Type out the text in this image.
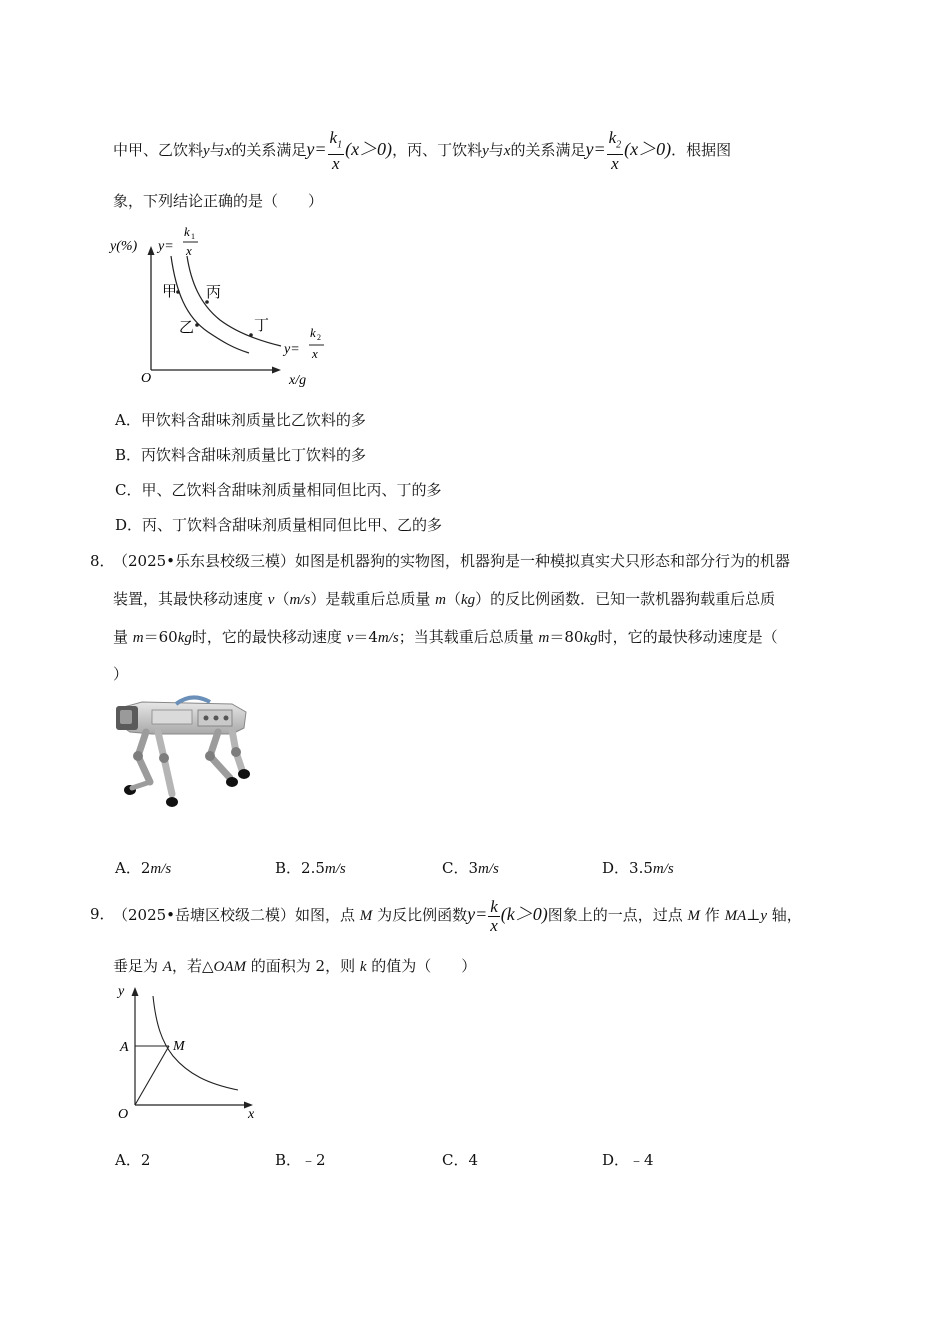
中甲、乙饮料y与x的关系满足$y= \frac{k_1}{x} (x>0)$，丙、丁饮料y与x的关系满足$y= \frac{k_2}{x} (x>0)$．根据图
象，下列结论正确的是（　　）
y(%)
x/g
O
甲
乙
丙
丁
y=
k 1
x
y=
k 2
x
A．甲饮料含甜味剂质量比乙饮料的多
B．丙饮料含甜味剂质量比丁饮料的多
C．甲、乙饮料含甜味剂质量相同但比丙、丁的多
D．丙、丁饮料含甜味剂质量相同但比甲、乙的多
8．
（2025•乐东县校级三模）如图是机器狗的实物图，机器狗是一种模拟真实犬只形态和部分行为的机器
装置，其最快移动速度 v（m/s）是载重后总质量 m（kg）的反比例函数．已知一款机器狗载重后总质
量 m＝60kg时，它的最快移动速度 v＝4m/s；当其载重后总质量 m＝80kg时，它的最快移动速度是（
）
A．2m/s	B．2.5m/s	C．3m/s	D．3.5m/s
9．
（2025•岳塘区校级二模）如图，点 M 为反比例函数$y= \frac{k}{x} (k>0)$图象上的一点，过点 M 作 MA⊥y 轴，
垂足为 A，若△OAM 的面积为 2，则 k 的值为（　　）
y
x
O
A	M
A．2	B．﹣2	C．4	D．﹣4
